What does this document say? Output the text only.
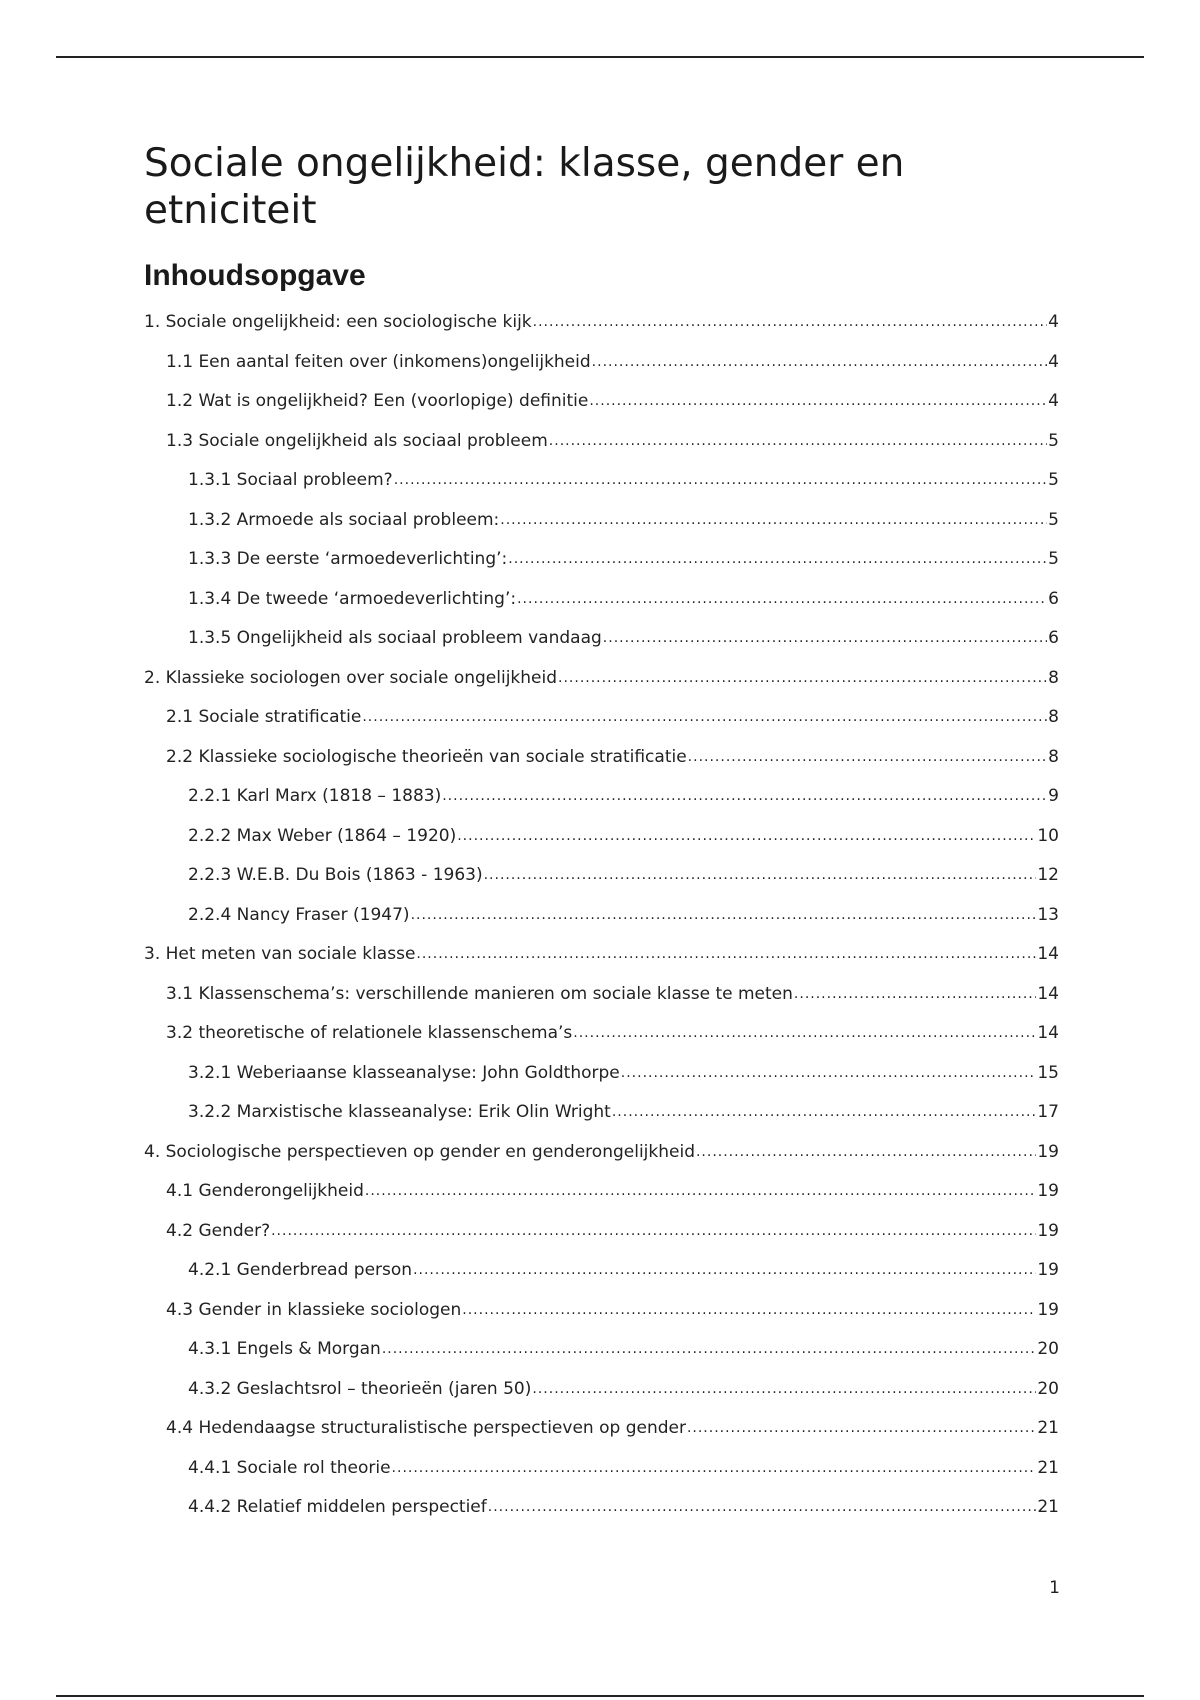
Sociale ongelijkheid: klasse, gender en etniciteit
Inhoudsopgave
1. Sociale ongelijkheid: een sociologische kijk .....	4
1.1 Een aantal feiten over (inkomens)ongelijkheid .....	4
1.2 Wat is ongelijkheid? Een (voorlopige) definitie .....	4
1.3 Sociale ongelijkheid als sociaal probleem .....	5
1.3.1 Sociaal probleem? .....	5
1.3.2 Armoede als sociaal probleem: .....	5
1.3.3 De eerste ‘armoedeverlichting’: .....	5
1.3.4 De tweede ‘armoedeverlichting’: .....	6
1.3.5 Ongelijkheid als sociaal probleem vandaag .....	6
2. Klassieke sociologen over sociale ongelijkheid .....	8
2.1 Sociale stratificatie .....	8
2.2 Klassieke sociologische theorieën van sociale stratificatie .....	8
2.2.1 Karl Marx (1818 – 1883) .....	9
2.2.2 Max Weber (1864 – 1920) .....	10
2.2.3 W.E.B. Du Bois (1863 - 1963) .....	12
2.2.4 Nancy Fraser (1947) .....	13
3. Het meten van sociale klasse .....	14
3.1 Klassenschema’s: verschillende manieren om sociale klasse te meten .....	14
3.2 theoretische of relationele klassenschema’s .....	14
3.2.1 Weberiaanse klasseanalyse: John Goldthorpe .....	15
3.2.2 Marxistische klasseanalyse: Erik Olin Wright .....	17
4. Sociologische perspectieven op gender en genderongelijkheid .....	19
4.1 Genderongelijkheid .....	19
4.2 Gender? .....	19
4.2.1 Genderbread person .....	19
4.3 Gender in klassieke sociologen .....	19
4.3.1 Engels & Morgan .....	20
4.3.2 Geslachtsrol – theorieën (jaren 50) .....	20
4.4 Hedendaagse structuralistische perspectieven op gender .....	21
4.4.1 Sociale rol theorie .....	21
4.4.2 Relatief middelen perspectief .....	21
1
